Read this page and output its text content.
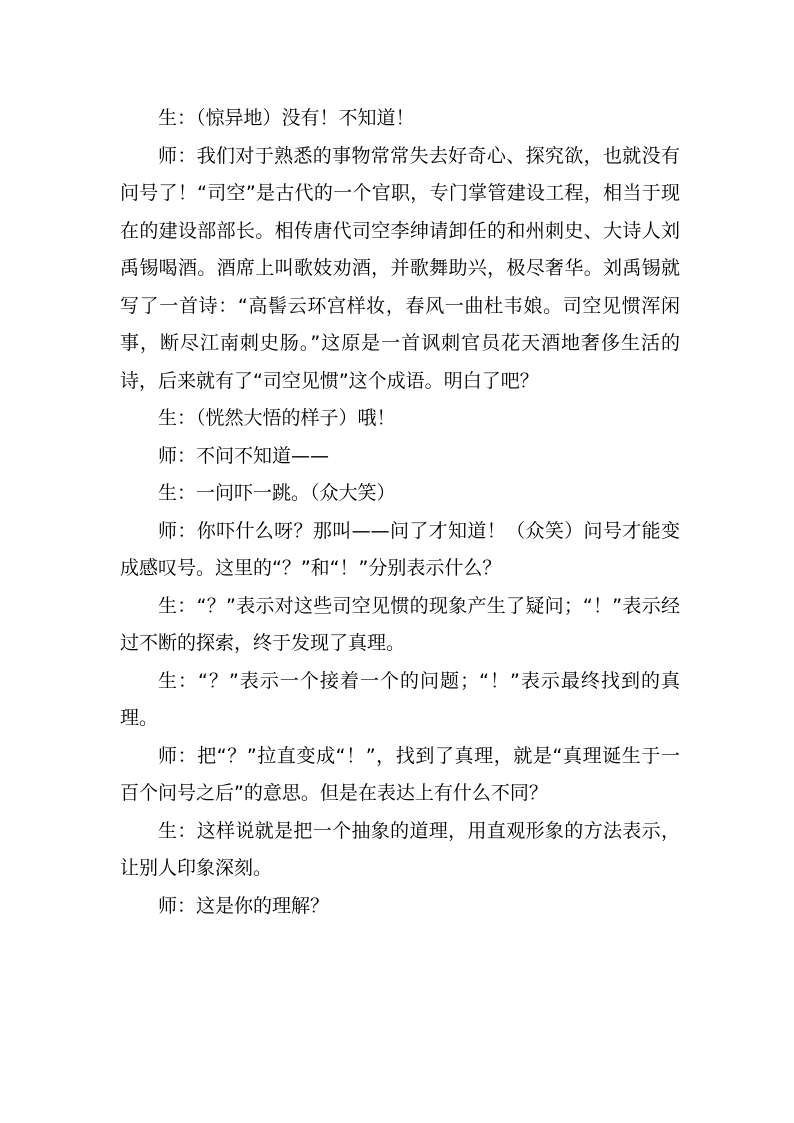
生：（惊异地）没有！不知道！

师：我们对于熟悉的事物常常失去好奇心、探究欲，也就没有问号了！“司空”是古代的一个官职，专门掌管建设工程，相当于现在的建设部部长。相传唐代司空李绅请卸任的和州刺史、大诗人刘禹锡喝酒。酒席上叫歌妓劝酒，并歌舞助兴，极尽奢华。刘禹锡就写了一首诗：“高髻云环宫样妆，春风一曲杜韦娘。司空见惯浑闲事，断尽江南刺史肠。”这原是一首讽刺官员花天酒地奢侈生活的诗，后来就有了“司空见惯”这个成语。明白了吧？

生：（恍然大悟的样子）哦！

师：不问不知道——

生：一问吓一跳。（众大笑）

师：你吓什么呀？那叫——问了才知道！（众笑）问号才能变成感叹号。这里的“？”和“！”分别表示什么？

生：“？”表示对这些司空见惯的现象产生了疑问；“！”表示经过不断的探索，终于发现了真理。

生：“？”表示一个接着一个的问题；“！”表示最终找到的真理。

师：把“？”拉直变成“！”，找到了真理，就是“真理诞生于一百个问号之后”的意思。但是在表达上有什么不同？

生：这样说就是把一个抽象的道理，用直观形象的方法表示，让别人印象深刻。

师：这是你的理解？
